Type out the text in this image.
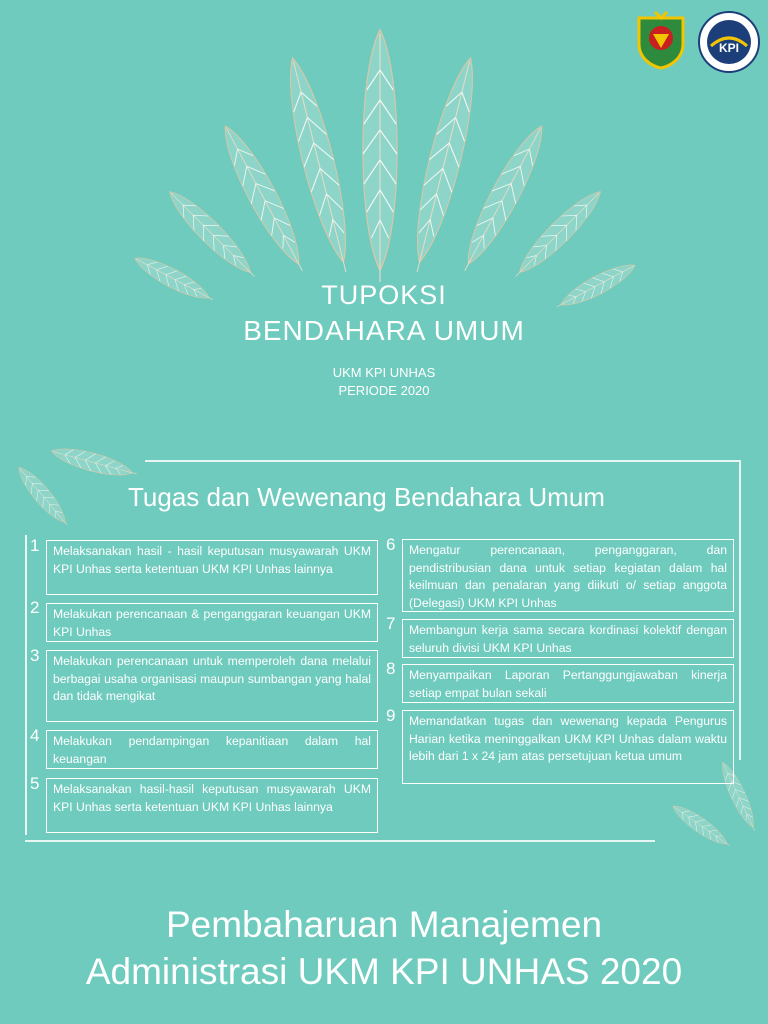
KPI
TUPOKSI
BENDAHARA UMUM
UKM KPI UNHAS
PERIODE 2020
Tugas dan Wewenang Bendahara Umum
1	Melaksanakan hasil - hasil keputusan musyawarah UKM KPI Unhas serta ketentuan UKM KPI Unhas lainnya
2	Melakukan perencanaan & penganggaran keuangan UKM KPI Unhas
3	Melakukan perencanaan untuk memperoleh dana melalui berbagai usaha organisasi maupun sumbangan yang halal dan tidak mengikat
4	Melakukan pendampingan kepanitiaan dalam hal keuangan
5	Melaksanakan hasil-hasil keputusan musyawarah UKM KPI Unhas serta ketentuan UKM KPI Unhas lainnya
6	Mengatur perencanaan, penganggaran, dan pendistribusian dana untuk setiap kegiatan dalam hal keilmuan dan penalaran yang diikuti o/ setiap anggota (Delegasi) UKM KPI Unhas
7	Membangun kerja sama secara kordinasi kolektif dengan seluruh divisi UKM KPI Unhas
8	Menyampaikan Laporan Pertanggungjawaban kinerja setiap empat bulan sekali
9	Memandatkan tugas dan wewenang kepada Pengurus Harian ketika meninggalkan UKM KPI Unhas dalam waktu lebih dari 1 x 24 jam atas persetujuan ketua umum
Pembaharuan Manajemen
Administrasi UKM KPI UNHAS 2020
